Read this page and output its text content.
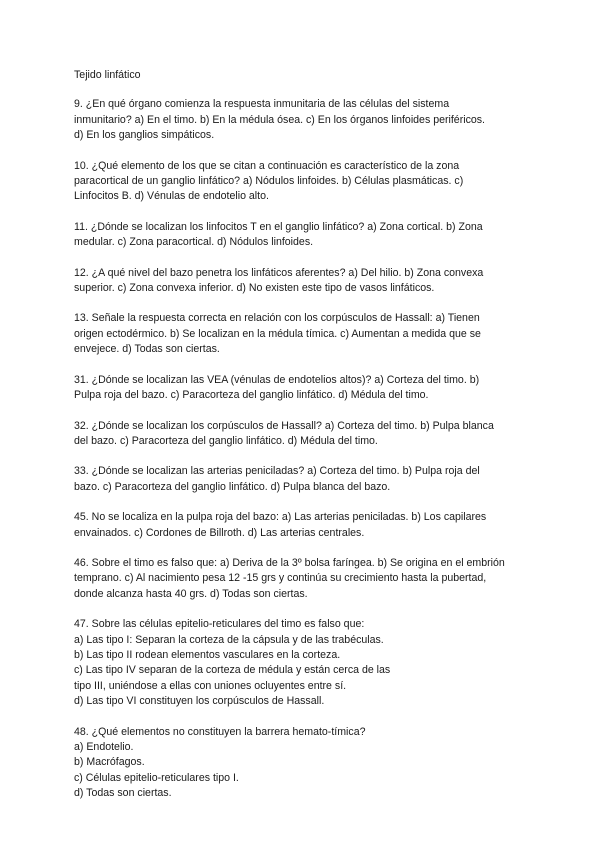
Tejido linfático
9. ¿En qué órgano comienza la respuesta inmunitaria de las células del sistema
inmunitario? a) En el timo. b) En la médula ósea. c) En los órganos linfoides periféricos.
d) En los ganglios simpáticos.
10. ¿Qué elemento de los que se citan a continuación es característico de la zona
paracortical de un ganglio linfático? a) Nódulos linfoides. b) Células plasmáticas. c)
Linfocitos B. d) Vénulas de endotelio alto.
11. ¿Dónde se localizan los linfocitos T en el ganglio linfático? a) Zona cortical. b) Zona
medular. c) Zona paracortical. d) Nódulos linfoides.
12. ¿A qué nivel del bazo penetra los linfáticos aferentes? a) Del hilio. b) Zona convexa
superior. c) Zona convexa inferior. d) No existen este tipo de vasos linfáticos.
13. Señale la respuesta correcta en relación con los corpúsculos de Hassall: a) Tienen
origen ectodérmico. b) Se localizan en la médula tímica. c) Aumentan a medida que se
envejece. d) Todas son ciertas.
31. ¿Dónde se localizan las VEA (vénulas de endotelios altos)? a) Corteza del timo. b)
Pulpa roja del bazo. c) Paracorteza del ganglio linfático. d) Médula del timo.
32. ¿Dónde se localizan los corpúsculos de Hassall? a) Corteza del timo. b) Pulpa blanca
del bazo. c) Paracorteza del ganglio linfático. d) Médula del timo.
33. ¿Dónde se localizan las arterias peniciladas? a) Corteza del timo. b) Pulpa roja del
bazo. c) Paracorteza del ganglio linfático. d) Pulpa blanca del bazo.
45. No se localiza en la pulpa roja del bazo: a) Las arterias peniciladas. b) Los capilares
envainados. c) Cordones de Billroth. d) Las arterias centrales.
46. Sobre el timo es falso que: a) Deriva de la 3º bolsa faríngea. b) Se origina en el embrión
temprano. c) Al nacimiento pesa 12 -15 grs y continúa su crecimiento hasta la pubertad,
donde alcanza hasta 40 grs. d) Todas son ciertas.
47. Sobre las células epitelio-reticulares del timo es falso que:
a) Las tipo I: Separan la corteza de la cápsula y de las trabéculas.
b) Las tipo II rodean elementos vasculares en la corteza.
c) Las tipo IV separan de la corteza de médula y están cerca de las
tipo III, uniéndose a ellas con uniones ocluyentes entre sí.
d) Las tipo VI constituyen los corpúsculos de Hassall.
48. ¿Qué elementos no constituyen la barrera hemato-tímica?
a) Endotelio.
b) Macrófagos.
c) Células epitelio-reticulares tipo I.
d) Todas son ciertas.
